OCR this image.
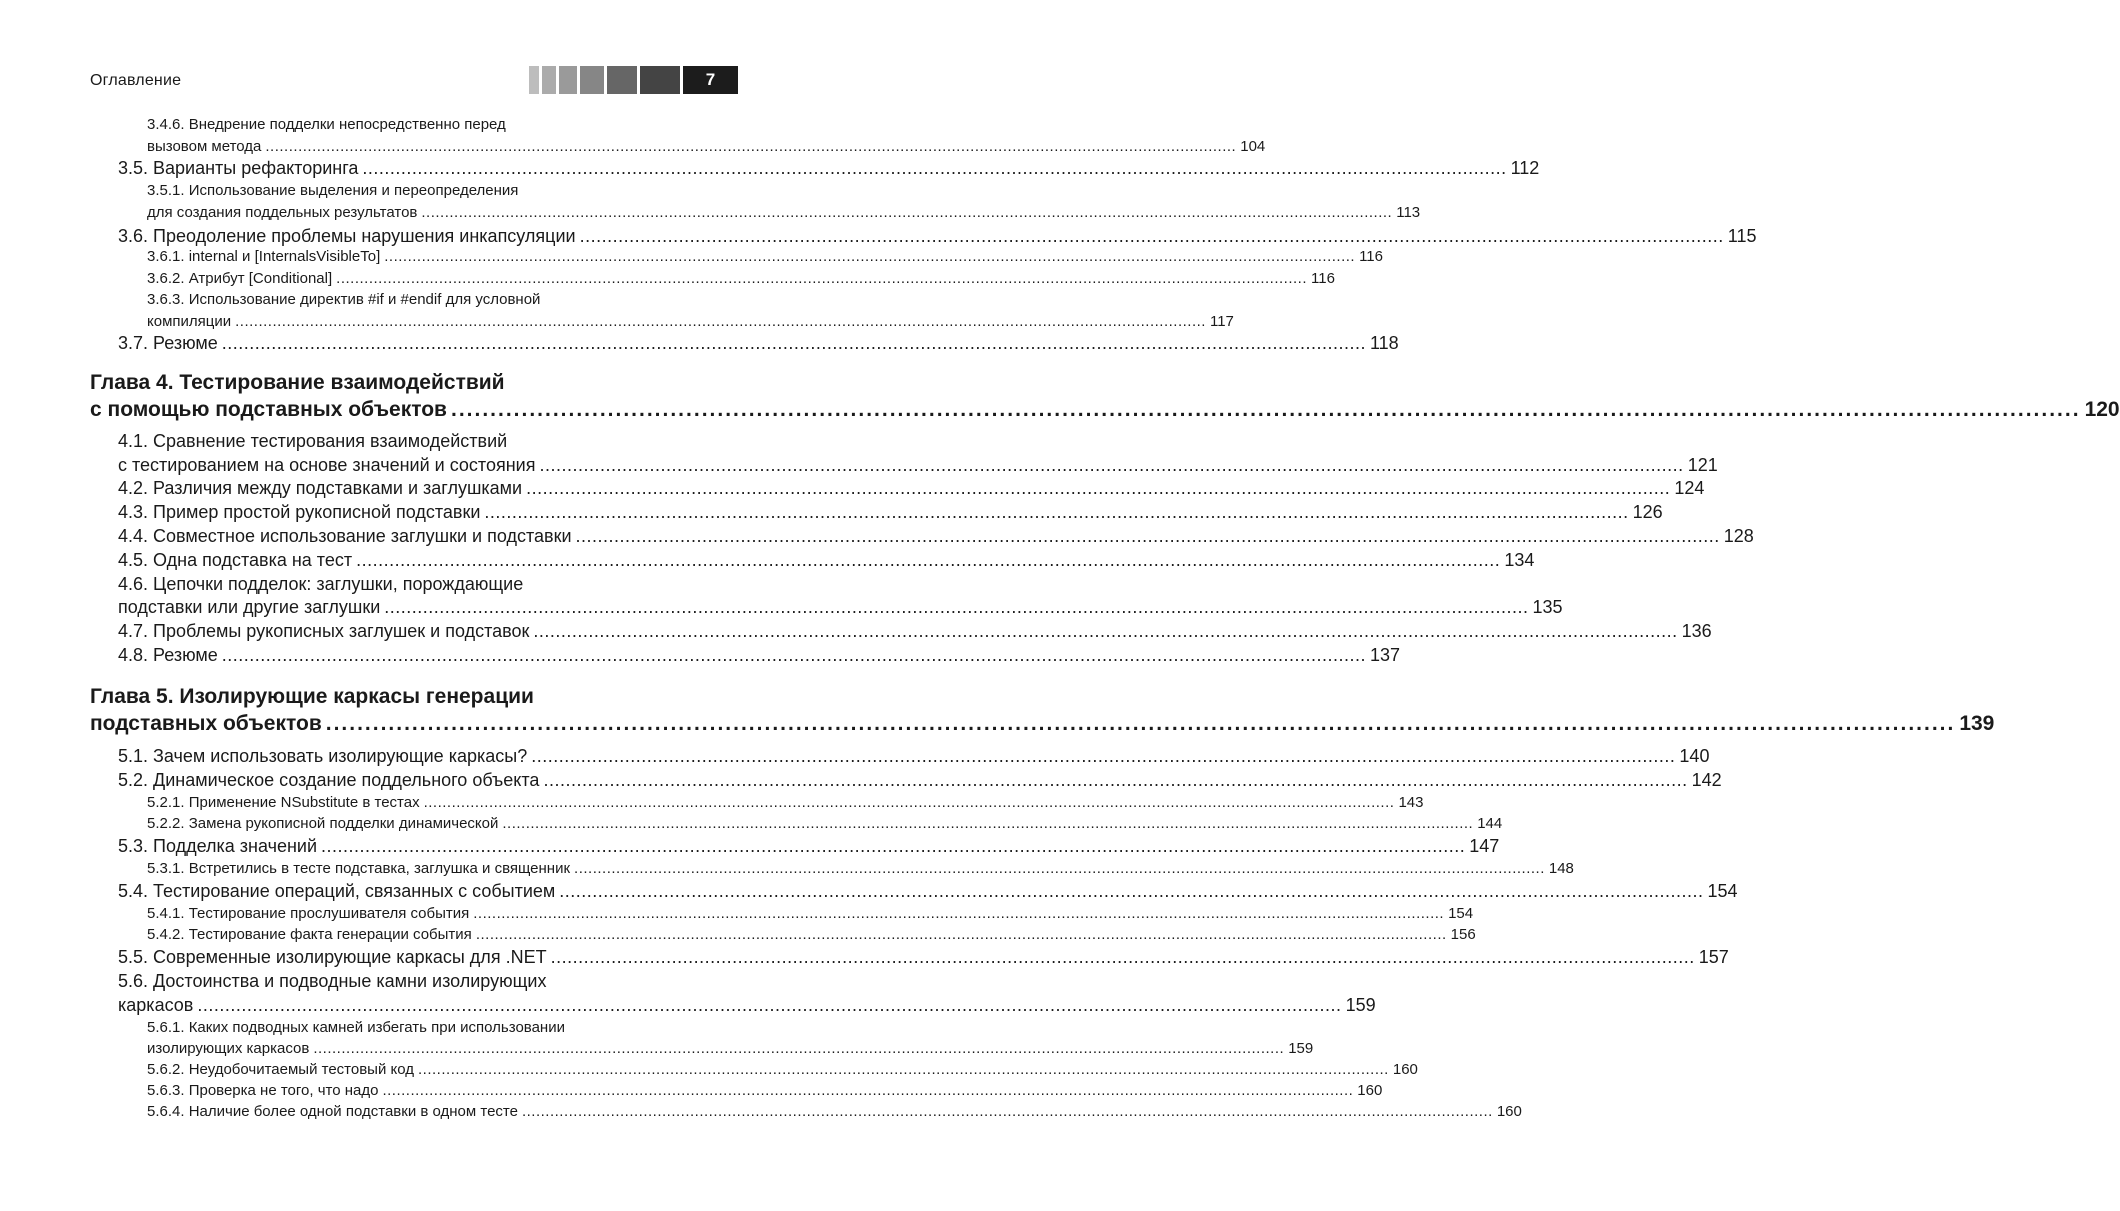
Оглавление	7
3.4.6. Внедрение подделки непосредственно перед
вызовом метода .....	104
3.5. Варианты рефакторинга .....	112
3.5.1. Использование выделения и переопределения
для создания поддельных результатов .....	113
3.6. Преодоление проблемы нарушения инкапсуляции .....	115
3.6.1. internal и [InternalsVisibleTo] .....	116
3.6.2. Атрибут [Conditional] .....	116
3.6.3. Использование директив #if и #endif для условной
компиляции .....	117
3.7. Резюме .....	118
Глава 4. Тестирование взаимодействий
с помощью подставных объектов .....	120
4.1. Сравнение тестирования взаимодействий
с тестированием на основе значений и состояния .....	121
4.2. Различия между подставками и заглушками .....	124
4.3. Пример простой рукописной подставки .....	126
4.4. Совместное использование заглушки и подставки .....	128
4.5. Одна подставка на тест .....	134
4.6. Цепочки подделок: заглушки, порождающие
подставки или другие заглушки .....	135
4.7. Проблемы рукописных заглушек и подставок .....	136
4.8. Резюме .....	137
Глава 5. Изолирующие каркасы генерации
подставных объектов .....	139
5.1. Зачем использовать изолирующие каркасы? .....	140
5.2. Динамическое создание поддельного объекта .....	142
5.2.1. Применение NSubstitute в тестах .....	143
5.2.2. Замена рукописной подделки динамической .....	144
5.3. Подделка значений .....	147
5.3.1. Встретились в тесте подставка, заглушка и священник .....	148
5.4. Тестирование операций, связанных с событием .....	154
5.4.1. Тестирование прослушивателя события .....	154
5.4.2. Тестирование факта генерации события .....	156
5.5. Современные изолирующие каркасы для .NET .....	157
5.6. Достоинства и подводные камни изолирующих
каркасов .....	159
5.6.1. Каких подводных камней избегать при использовании
изолирующих каркасов .....	159
5.6.2. Неудобочитаемый тестовый код .....	160
5.6.3. Проверка не того, что надо .....	160
5.6.4. Наличие более одной подставки в одном тесте .....	160
